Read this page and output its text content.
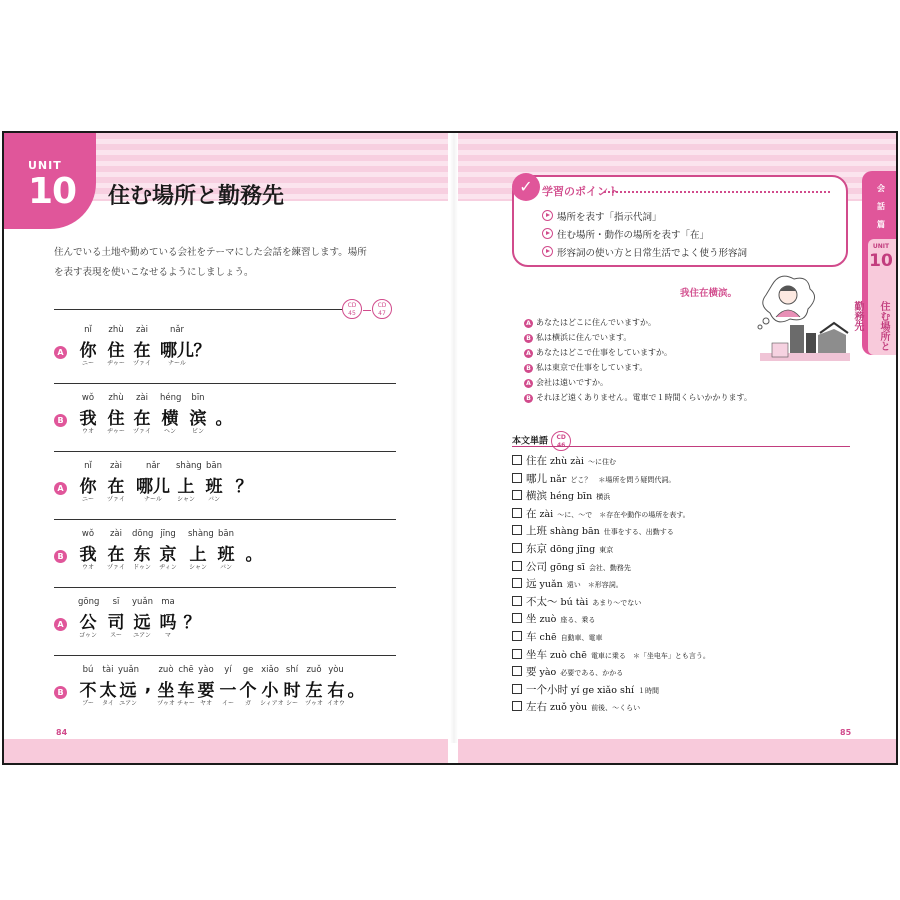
UNIT
10 住む場所と勤務先
住んでいる土地や勤めている会社をテーマにした会話を練習します。場所
を表す表現を使いこなせるようにしましょう。
CD
45CD
47
A
nǐ
你
ニー
zhù
住
ヂゥー
zài
在
ヅァイ
nǎr
哪儿
ナール
？
B
wǒ
我
ウオ
zhù
住
ヂゥー
zài
在
ヅァイ
héng
横
ヘン
bīn
滨
ビン
。
A
nǐ
你
ニー
zài
在
ヅァイ
nǎr
哪儿
ナール
shàng
上
シャン
bān
班
バン
？
B
wǒ
我
ウオ
zài
在
ヅァイ
dōng
东
ドゥン
jīng
京
ヂィン
shàng
上
シャン
bān
班
バン
。
A
gōng
公
ゴゥン
sī
司
スー
yuǎn
远
ユアン
ma
吗
マ
？
B
bú
不
ブー
tài
太
タイ
yuǎn
远
ユアン
,
zuò
坐
ヅゥオ
chē
车
チャー
yào
要
ヤオ
yí
一
イー
ge
个
ガ
xiǎo
小
シィアオ
shí
时
シー
zuǒ
左
ヅゥオ
yòu
右
イオウ
。
84
✓ 学習のポイント
場所を表す「指示代詞」
住む場所・動作の場所を表す「在」
形容詞の使い方と日常生活でよく使う形容詞
会
話
篇
UNIT
10
住む場所と勤務先
我住在横滨。
A あなたはどこに住んでいますか。
B 私は横浜に住んでいます。
A あなたはどこで仕事をしていますか。
B 私は東京で仕事をしています。
A 会社は遠いですか。
B それほど遠くありません。電車で１時間くらいかかります。
本文単語 CD
46
住在 zhù zài ～に住む
哪儿 nǎr どこ？　＊場所を問う疑問代詞。
横滨 héng bīn 横浜
在 zài ～に、～で　＊存在や動作の場所を表す。
上班 shàng bān 仕事をする、出勤する
东京 dōng jīng 東京
公司 gōng sī 会社、勤務先
远 yuǎn 遠い　＊形容詞。
不太～ bú tài あまり～でない
坐 zuò 座る、乗る
车 chē 自動車、電車
坐车 zuò chē 電車に乗る　＊「坐电车」とも言う。
要 yào 必要である、かかる
一个小时 yí ge xiǎo shí １時間
左右 zuǒ yòu 前後、～くらい
85
